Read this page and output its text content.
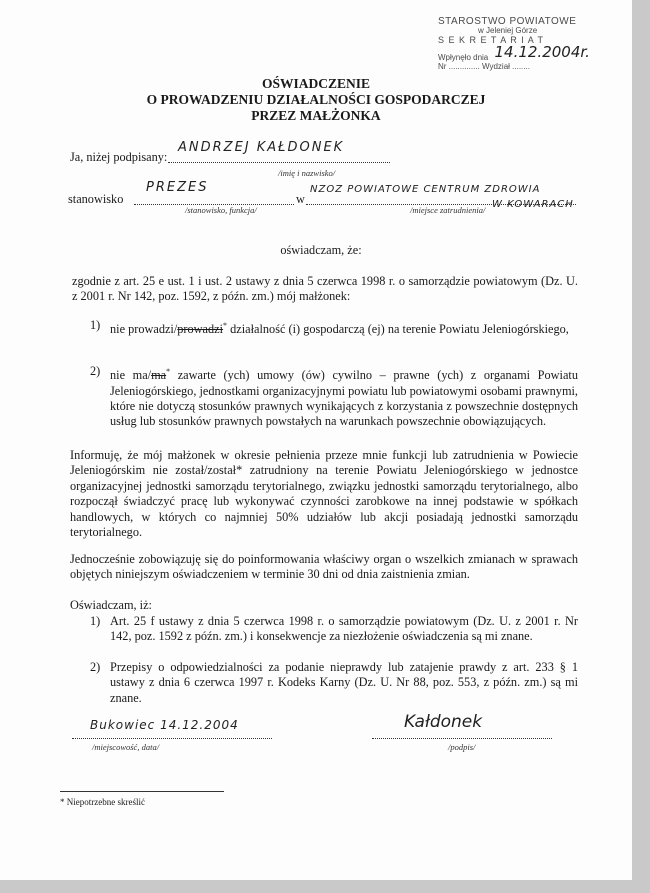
STAROSTWO POWIATOWE
w Jeleniej Górze
S E K R E T A R I A T
Wpłynęło dnia 14.12.2004r.
Nr .............. Wydział ........
OŚWIADCZENIE
O PROWADZENIU DZIAŁALNOŚCI GOSPODARCZEJ
PRZEZ MAŁŻONKA
Ja, niżej podpisany:
ANDRZEJ KAŁDONEK
/imię i nazwisko/
stanowisko
PREZES
/stanowisko, funkcja/
w
NZOZ POWIATOWE CENTRUM ZDROWIA
/miejsce zatrudnienia/ W KOWARACH
oświadczam, że:
zgodnie z art. 25 e ust. 1 i ust. 2 ustawy z dnia 5 czerwca 1998 r. o samorządzie powiatowym (Dz. U. z 2001 r. Nr 142, poz. 1592, z późn. zm.) mój małżonek:
1) nie prowadzi/prowadzi* działalność (i) gospodarczą (ej) na terenie Powiatu Jeleniogórskiego,
2) nie ma/ma* zawarte (ych) umowy (ów) cywilno – prawne (ych) z organami Powiatu Jeleniogórskiego, jednostkami organizacyjnymi powiatu lub powiatowymi osobami prawnymi, które nie dotyczą stosunków prawnych wynikających z korzystania z powszechnie dostępnych usług lub stosunków prawnych powstałych na warunkach powszechnie obowiązujących.
Informuję, że mój małżonek w okresie pełnienia przeze mnie funkcji lub zatrudnienia w Powiecie Jeleniogórskim nie został/został* zatrudniony na terenie Powiatu Jeleniogórskiego w jednostce organizacyjnej jednostki samorządu terytorialnego, związku jednostki samorządu terytorialnego, albo rozpoczął świadczyć pracę lub wykonywać czynności zarobkowe na innej podstawie w spółkach handlowych, w których co najmniej 50% udziałów lub akcji posiadają jednostki samorządu terytorialnego.
Jednocześnie zobowiązuję się do poinformowania właściwy organ o wszelkich zmianach w sprawach objętych niniejszym oświadczeniem w terminie 30 dni od dnia zaistnienia zmian.
Oświadczam, iż:
1) Art. 25 f ustawy z dnia 5 czerwca 1998 r. o samorządzie powiatowym (Dz. U. z 2001 r. Nr 142, poz. 1592 z późn. zm.) i konsekwencje za niezłożenie oświadczenia są mi znane.
2) Przepisy o odpowiedzialności za podanie nieprawdy lub zatajenie prawdy z art. 233 § 1 ustawy z dnia 6 czerwca 1997 r. Kodeks Karny (Dz. U. Nr 88, poz. 553, z późn. zm.) są mi znane.
Bukowiec 14.12.2004
/miejscowość, data/
Kałdonek
/podpis/
* Niepotrzebne skreślić
